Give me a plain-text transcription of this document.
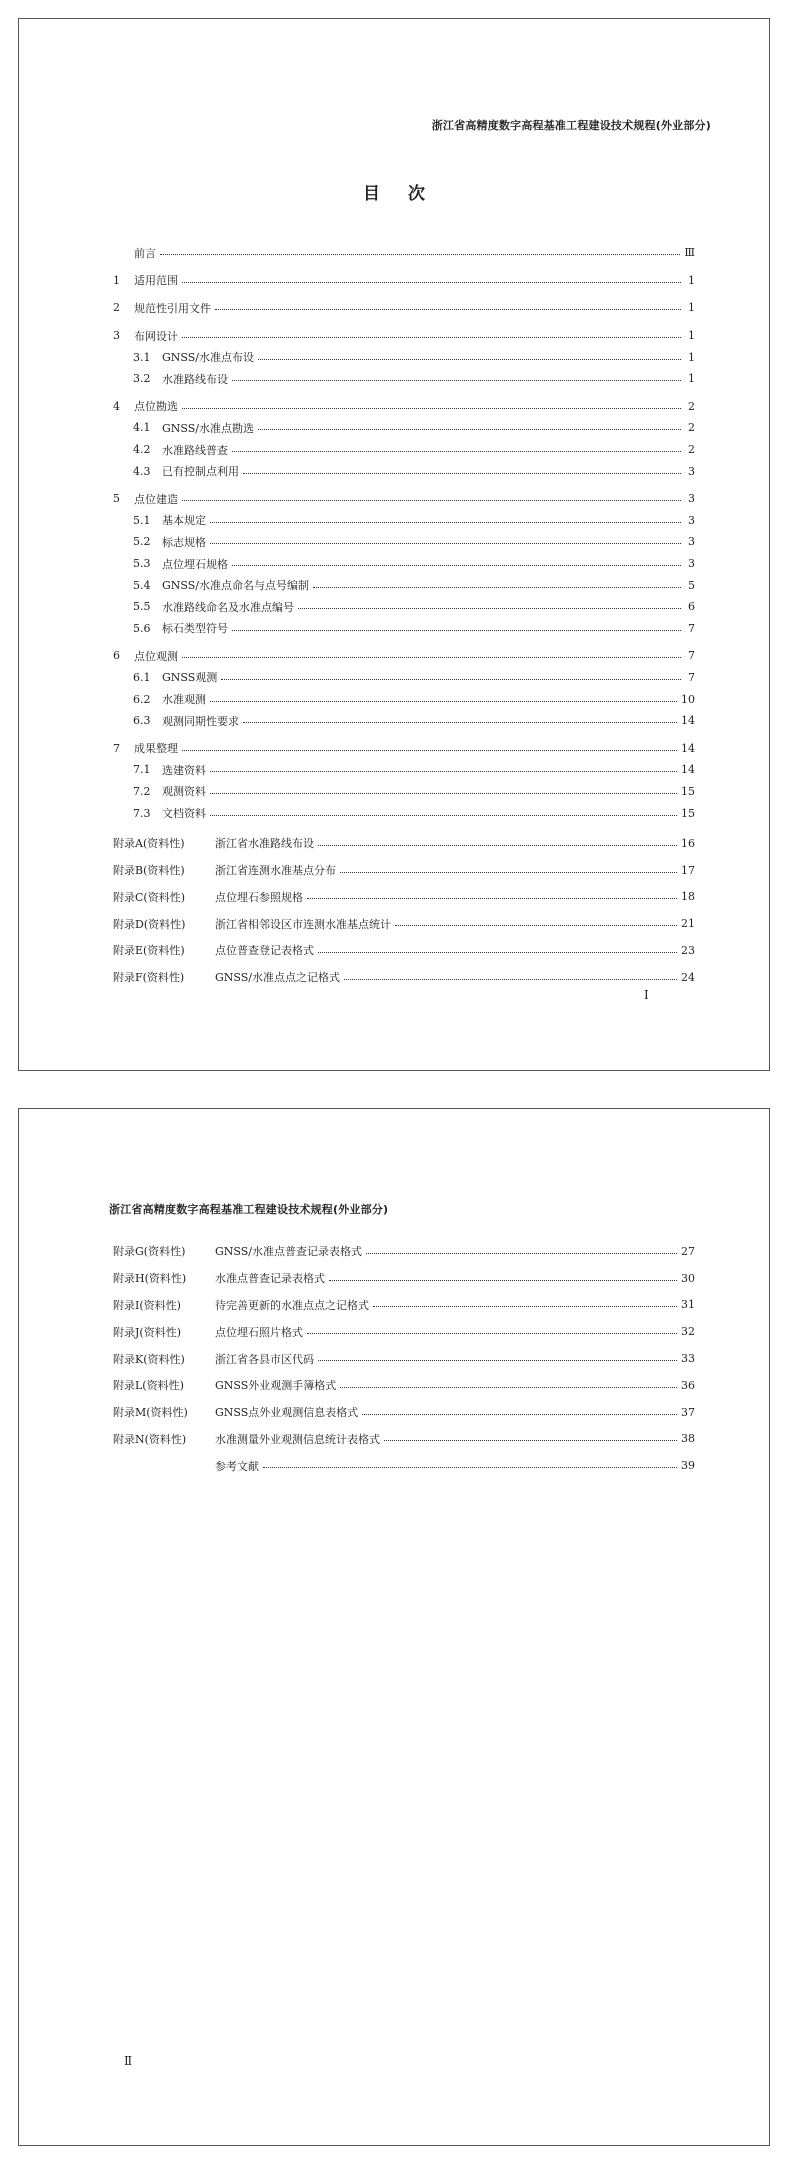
浙江省高精度数字高程基准工程建设技术规程(外业部分)
目次
前言	Ⅲ
1	适用范围	1
2	规范性引用文件	1
3	布网设计	1
3.1	GNSS/水准点布设	1
3.2	水准路线布设	1
4	点位勘选	2
4.1	GNSS/水准点勘选	2
4.2	水准路线普查	2
4.3	已有控制点利用	3
5	点位建造	3
5.1	基本规定	3
5.2	标志规格	3
5.3	点位埋石规格	3
5.4	GNSS/水准点命名与点号编制	5
5.5	水准路线命名及水准点编号	6
5.6	标石类型符号	7
6	点位观测	7
6.1	GNSS观测	7
6.2	水准观测	10
6.3	观测同期性要求	14
7	成果整理	14
7.1	选建资料	14
7.2	观测资料	15
7.3	文档资料	15
附录A(资料性)	浙江省水准路线布设	16
附录B(资料性)	浙江省连测水准基点分布	17
附录C(资料性)	点位埋石参照规格	18
附录D(资料性)	浙江省相邻设区市连测水准基点统计	21
附录E(资料性)	点位普查登记表格式	23
附录F(资料性)	GNSS/水准点点之记格式	24
Ⅰ
浙江省高精度数字高程基准工程建设技术规程(外业部分)
附录G(资料性)	GNSS/水准点普查记录表格式	27
附录H(资料性)	水准点普查记录表格式	30
附录I(资料性)	待完善更新的水准点点之记格式	31
附录J(资料性)	点位埋石照片格式	32
附录K(资料性)	浙江省各县市区代码	33
附录L(资料性)	GNSS外业观测手簿格式	36
附录M(资料性)	GNSS点外业观测信息表格式	37
附录N(资料性)	水准测量外业观测信息统计表格式	38
参考文献	39
Ⅱ
